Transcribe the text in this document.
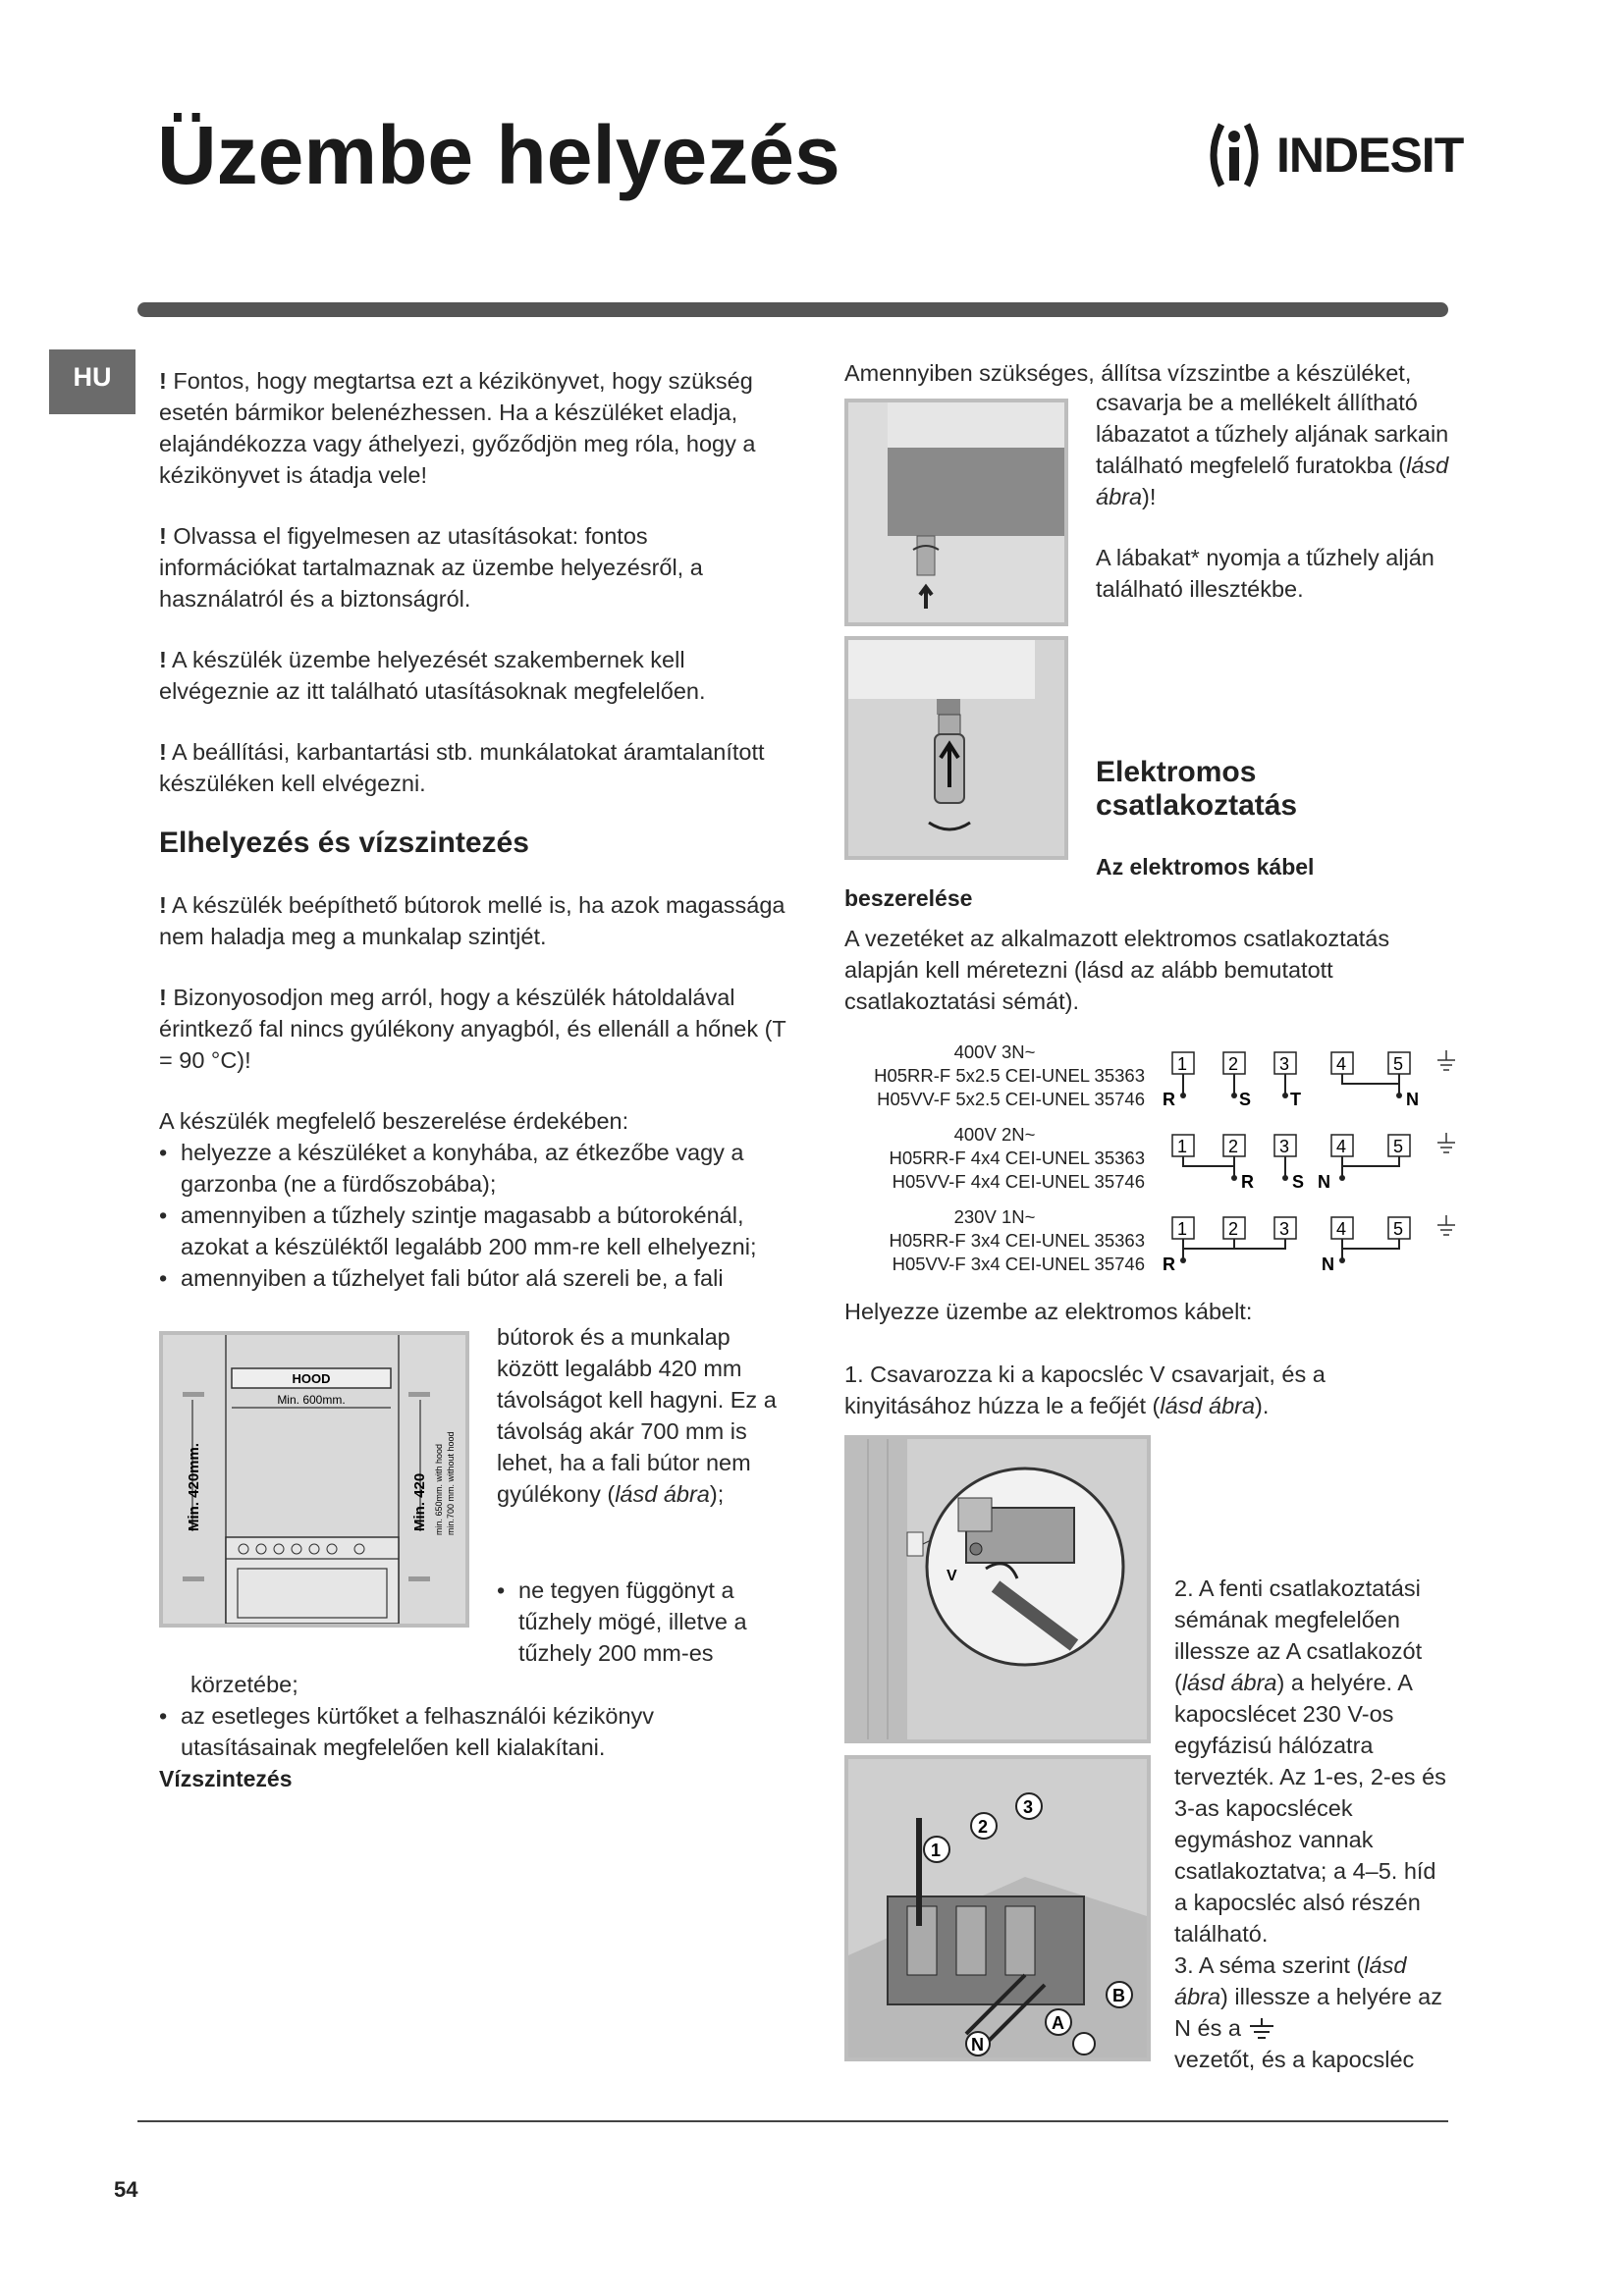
Üzembe helyezés	INDESIT
HU	! Fontos, hogy megtartsa ezt a kézikönyvet, hogy szükség esetén bármikor belenézhessen. Ha a készüléket eladja, elajándékozza vagy áthelyezi, győződjön meg róla, hogy a kézikönyvet is átadja vele!

! Olvassa el figyelmesen az utasításokat: fontos információkat tartalmaznak az üzembe helyezésről, a használatról és a biztonságról.

! A készülék üzembe helyezését szakembernek kell elvégeznie az itt található utasításoknak megfelelően.

! A beállítási, karbantartási stb. munkálatokat áramtalanított készüléken kell elvégezni.

Elhelyezés és vízszintezés

! A készülék beépíthető bútorok mellé is, ha azok magassága nem haladja meg a munkalap szintjét.

! Bizonyosodjon meg arról, hogy a készülék hátoldalával érintkező fal nincs gyúlékony anyagból, és ellenáll a hőnek (T = 90 °C)!

A készülék megfelelő beszerelése érdekében:

• helyezze a készüléket a konyhába, az étkezőbe vagy a garzonba (ne a fürdőszobába);

• amennyiben a tűzhely szintje magasabb a bútorokénál, azokat a készüléktől legalább 200 mm-re kell elhelyezni;

• amennyiben a tűzhelyet fali bútor alá szereli be, a fali

HOOD
Min. 600mm.
Min. 420mm.	Min. 420 min. 650mm. with hood min.700 mm. without hood
bútorok és a munkalap között legalább 420 mm távolságot kell hagyni. Ez a távolság akár 700 mm is lehet, ha a fali bútor nem gyúlékony (lásd ábra);

• ne tegyen függönyt a tűzhely mögé, illetve a tűzhely 200 mm-es

körzetébe;

• az esetleges kürtőket a felhasználói kézikönyv utasításainak megfelelően kell kialakítani.

Vízszintezés

Amennyiben szükséges, állítsa vízszintbe a készüléket,

csavarja be a mellékelt állítható lábazatot a tűzhely aljának sarkain található megfelelő furatokba (lásd ábra)!

A lábakat* nyomja a tűzhely alján található illesztékbe.

Elektromos
csatlakoztatás
Az elektromos kábel
beszerelése
A vezetéket az alkalmazott elektromos csatlakoztatás alapján kell méretezni (lásd az alább bemutatott csatlakoztatási sémát).
400V 3N~
H05RR-F 5x2.5 CEI-UNEL 35363
H05VV-F 5x2.5 CEI-UNEL 35746
400V 2N~
H05RR-F 4x4 CEI-UNEL 35363
H05VV-F 4x4 CEI-UNEL 35746
230V 1N~
H05RR-F 3x4 CEI-UNEL 35363
H05VV-F 3x4 CEI-UNEL 35746
1 2 3	4	5
R	S T	N
1 2 3	4	5
R S N
1 2 3	4	5
R	N
Helyezze üzembe az elektromos kábelt:
1. Csavarozza ki a kapocsléc V csavarjait, és a kinyitásához húzza le a feőjét (lásd ábra).
V
1
2
3
A
B
N

2. A fenti csatlakoztatási sémának megfelelően illessze az A csatlakozót (lásd ábra) a helyére. A kapocslécet 230 V-os egyfázisú hálózatra tervezték. Az 1-es, 2-es és 3-as kapocslécek egymáshoz vannak csatlakoztatva; a 4–5. híd a kapocsléc alsó részén található.

3. A séma szerint (lásd ábra) illessze a helyére az N és a

vezetőt, és a kapocsléc

54
